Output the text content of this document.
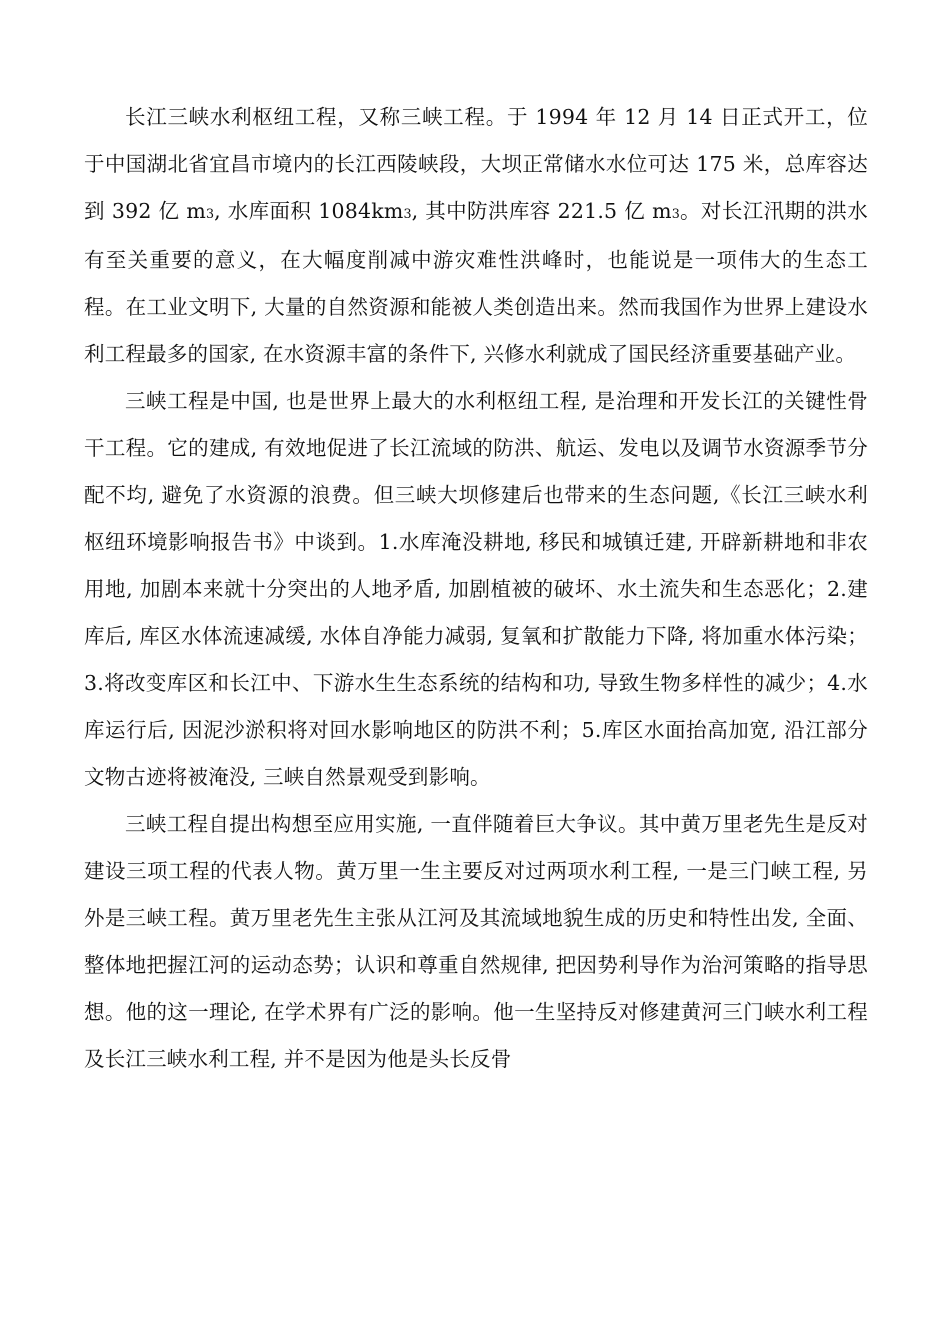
长江三峡水利枢纽工程，又称三峡工程。于 1994 年 12 月 14 日正式开工，位于中国湖北省宜昌市境内的长江西陵峡段，大坝正常储水水位可达 175 米，总库容达到 392 亿 m3, 水库面积 1084km3, 其中防洪库容 221.5 亿 m3。对长江汛期的洪水有至关重要的意义，在大幅度削减中游灾难性洪峰时，也能说是一项伟大的生态工程。在工业文明下, 大量的自然资源和能被人类创造出来。然而我国作为世界上建设水利工程最多的国家, 在水资源丰富的条件下, 兴修水利就成了国民经济重要基础产业。

三峡工程是中国, 也是世界上最大的水利枢纽工程, 是治理和开发长江的关键性骨干工程。它的建成, 有效地促进了长江流域的防洪、航运、发电以及调节水资源季节分配不均, 避免了水资源的浪费。但三峡大坝修建后也带来的生态问题,《长江三峡水利枢纽环境影响报告书》中谈到。1.水库淹没耕地, 移民和城镇迁建, 开辟新耕地和非农用地, 加剧本来就十分突出的人地矛盾, 加剧植被的破坏、水土流失和生态恶化；2.建库后, 库区水体流速减缓, 水体自净能力减弱, 复氧和扩散能力下降, 将加重水体污染；3.将改变库区和长江中、下游水生生态系统的结构和功, 导致生物多样性的减少；4.水库运行后, 因泥沙淤积将对回水影响地区的防洪不利；5.库区水面抬高加宽, 沿江部分文物古迹将被淹没, 三峡自然景观受到影响。

三峡工程自提出构想至应用实施, 一直伴随着巨大争议。其中黄万里老先生是反对建设三项工程的代表人物。黄万里一生主要反对过两项水利工程, 一是三门峡工程, 另外是三峡工程。黄万里老先生主张从江河及其流域地貌生成的历史和特性出发, 全面、整体地把握江河的运动态势；认识和尊重自然规律, 把因势利导作为治河策略的指导思想。他的这一理论, 在学术界有广泛的影响。他一生坚持反对修建黄河三门峡水利工程及长江三峡水利工程, 并不是因为他是头长反骨
